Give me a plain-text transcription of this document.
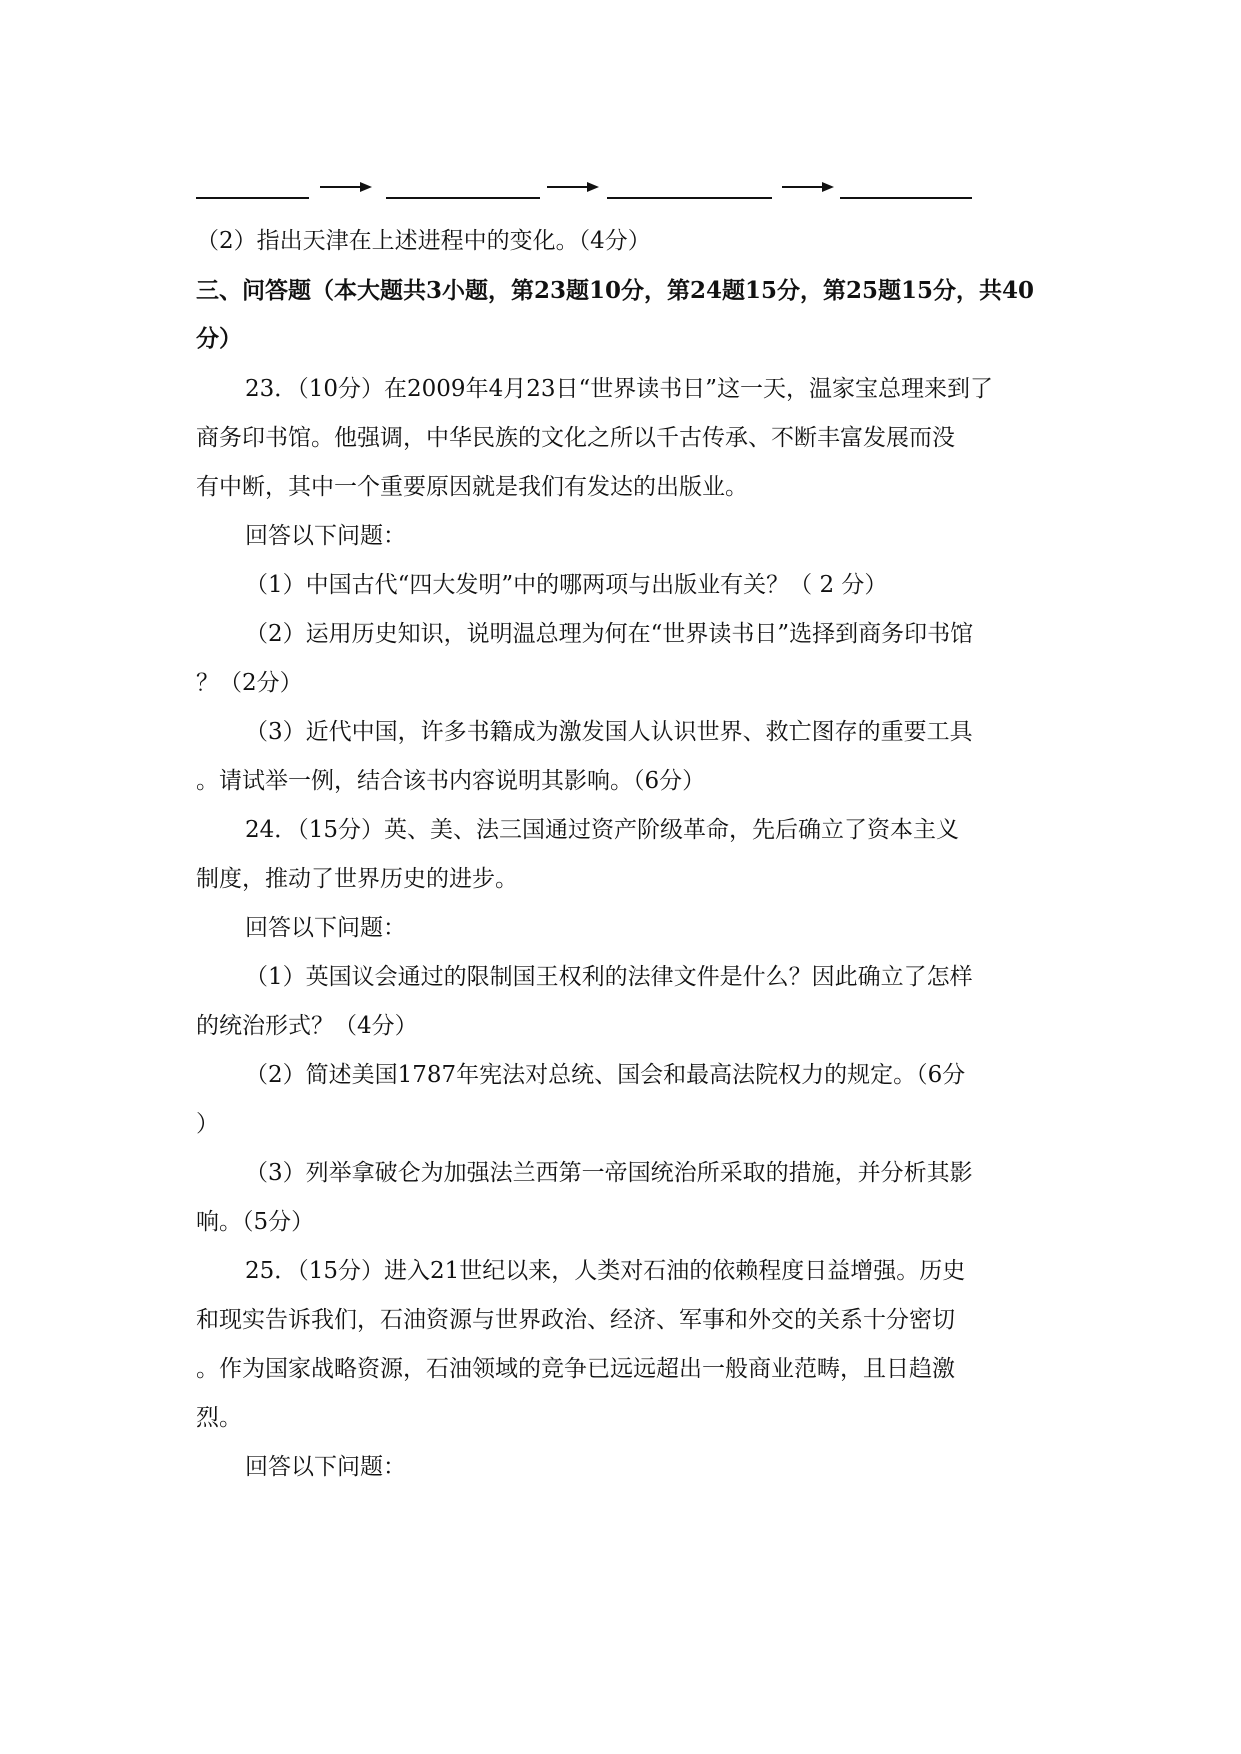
（2）指出天津在上述进程中的变化。（4分）
三、问答题（本大题共3小题，第23题10分，第24题15分，第25题15分，共40
分）
23．（10分）在2009年4月23日“世界读书日”这一天，温家宝总理来到了
商务印书馆。他强调，中华民族的文化之所以千古传承、不断丰富发展而没
有中断，其中一个重要原因就是我们有发达的出版业。
回答以下问题：
（1）中国古代“四大发明”中的哪两项与出版业有关？（ 2 分）
（2）运用历史知识，说明温总理为何在“世界读书日”选择到商务印书馆
？（2分）
（3）近代中国，许多书籍成为激发国人认识世界、救亡图存的重要工具
。请试举一例，结合该书内容说明其影响。（6分）
24．（15分）英、美、法三国通过资产阶级革命，先后确立了资本主义
制度，推动了世界历史的进步。
回答以下问题：
（1）英国议会通过的限制国王权利的法律文件是什么？因此确立了怎样
的统治形式？（4分）
（2）简述美国1787年宪法对总统、国会和最高法院权力的规定。（6分
）
（3）列举拿破仑为加强法兰西第一帝国统治所采取的措施，并分析其影
响。（5分）
25．（15分）进入21世纪以来，人类对石油的依赖程度日益增强。历史
和现实告诉我们，石油资源与世界政治、经济、军事和外交的关系十分密切
。作为国家战略资源，石油领域的竞争已远远超出一般商业范畴，且日趋激
烈。
回答以下问题：
